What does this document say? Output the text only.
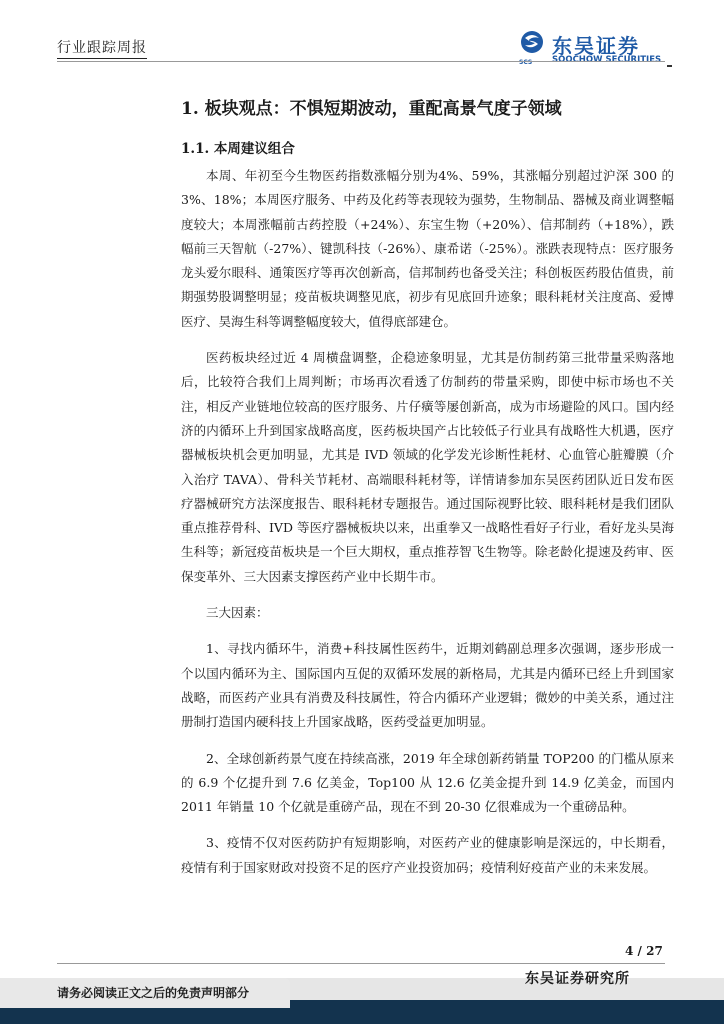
行业跟踪周报
SCS
东吴证券
SOOCHOW SECURITIES
1. 板块观点：不惧短期波动，重配高景气度子领域
1.1. 本周建议组合

本周、年初至今生物医药指数涨幅分别为4%、59%，其涨幅分别超过沪深 300 的 3%、18%；本周医疗服务、中药及化药等表现较为强势，生物制品、器械及商业调整幅度较大；本周涨幅前古药控股（+24%）、东宝生物（+20%）、信邦制药（+18%），跌幅前三天智航（-27%）、键凯科技（-26%）、康希诺（-25%）。涨跌表现特点：医疗服务龙头爱尔眼科、通策医疗等再次创新高，信邦制药也备受关注；科创板医药股估值贵，前期强势股调整明显；疫苗板块调整见底，初步有见底回升迹象；眼科耗材关注度高、爱博医疗、昊海生科等调整幅度较大，值得底部建仓。

医药板块经过近 4 周横盘调整，企稳迹象明显，尤其是仿制药第三批带量采购落地后，比较符合我们上周判断；市场再次看透了仿制药的带量采购，即使中标市场也不关注，相反产业链地位较高的医疗服务、片仔癀等屡创新高，成为市场避险的风口。国内经济的内循环上升到国家战略高度，医药板块国产占比较低子行业具有战略性大机遇，医疗器械板块机会更加明显，尤其是 IVD 领域的化学发光诊断性耗材、心血管心脏瓣膜（介入治疗 TAVA）、骨科关节耗材、高端眼科耗材等，详情请参加东吴医药团队近日发布医疗器械研究方法深度报告、眼科耗材专题报告。通过国际视野比较、眼科耗材是我们团队重点推荐骨科、IVD 等医疗器械板块以来，出重拳又一战略性看好子行业，看好龙头昊海生科等；新冠疫苗板块是一个巨大期权，重点推荐智飞生物等。除老龄化提速及药审、医保变革外、三大因素支撑医药产业中长期牛市。

三大因素：

1、寻找内循环牛，消费+科技属性医药牛，近期刘鹤副总理多次强调，逐步形成一个以国内循环为主、国际国内互促的双循环发展的新格局，尤其是内循环已经上升到国家战略，而医药产业具有消费及科技属性，符合内循环产业逻辑；微妙的中美关系，通过注册制打造国内硬科技上升国家战略，医药受益更加明显。

2、全球创新药景气度在持续高涨，2019 年全球创新药销量 TOP200 的门槛从原来的 6.9 个亿提升到 7.6 亿美金，Top100 从 12.6 亿美金提升到 14.9 亿美金，而国内 2011 年销量 10 个亿就是重磅产品，现在不到 20-30 亿很难成为一个重磅品种。

3、疫情不仅对医药防护有短期影响，对医药产业的健康影响是深远的，中长期看，疫情有利于国家财政对投资不足的医疗产业投资加码；疫情利好疫苗产业的未来发展。

4 / 27
东吴证券研究所
请务必阅读正文之后的免责声明部分
